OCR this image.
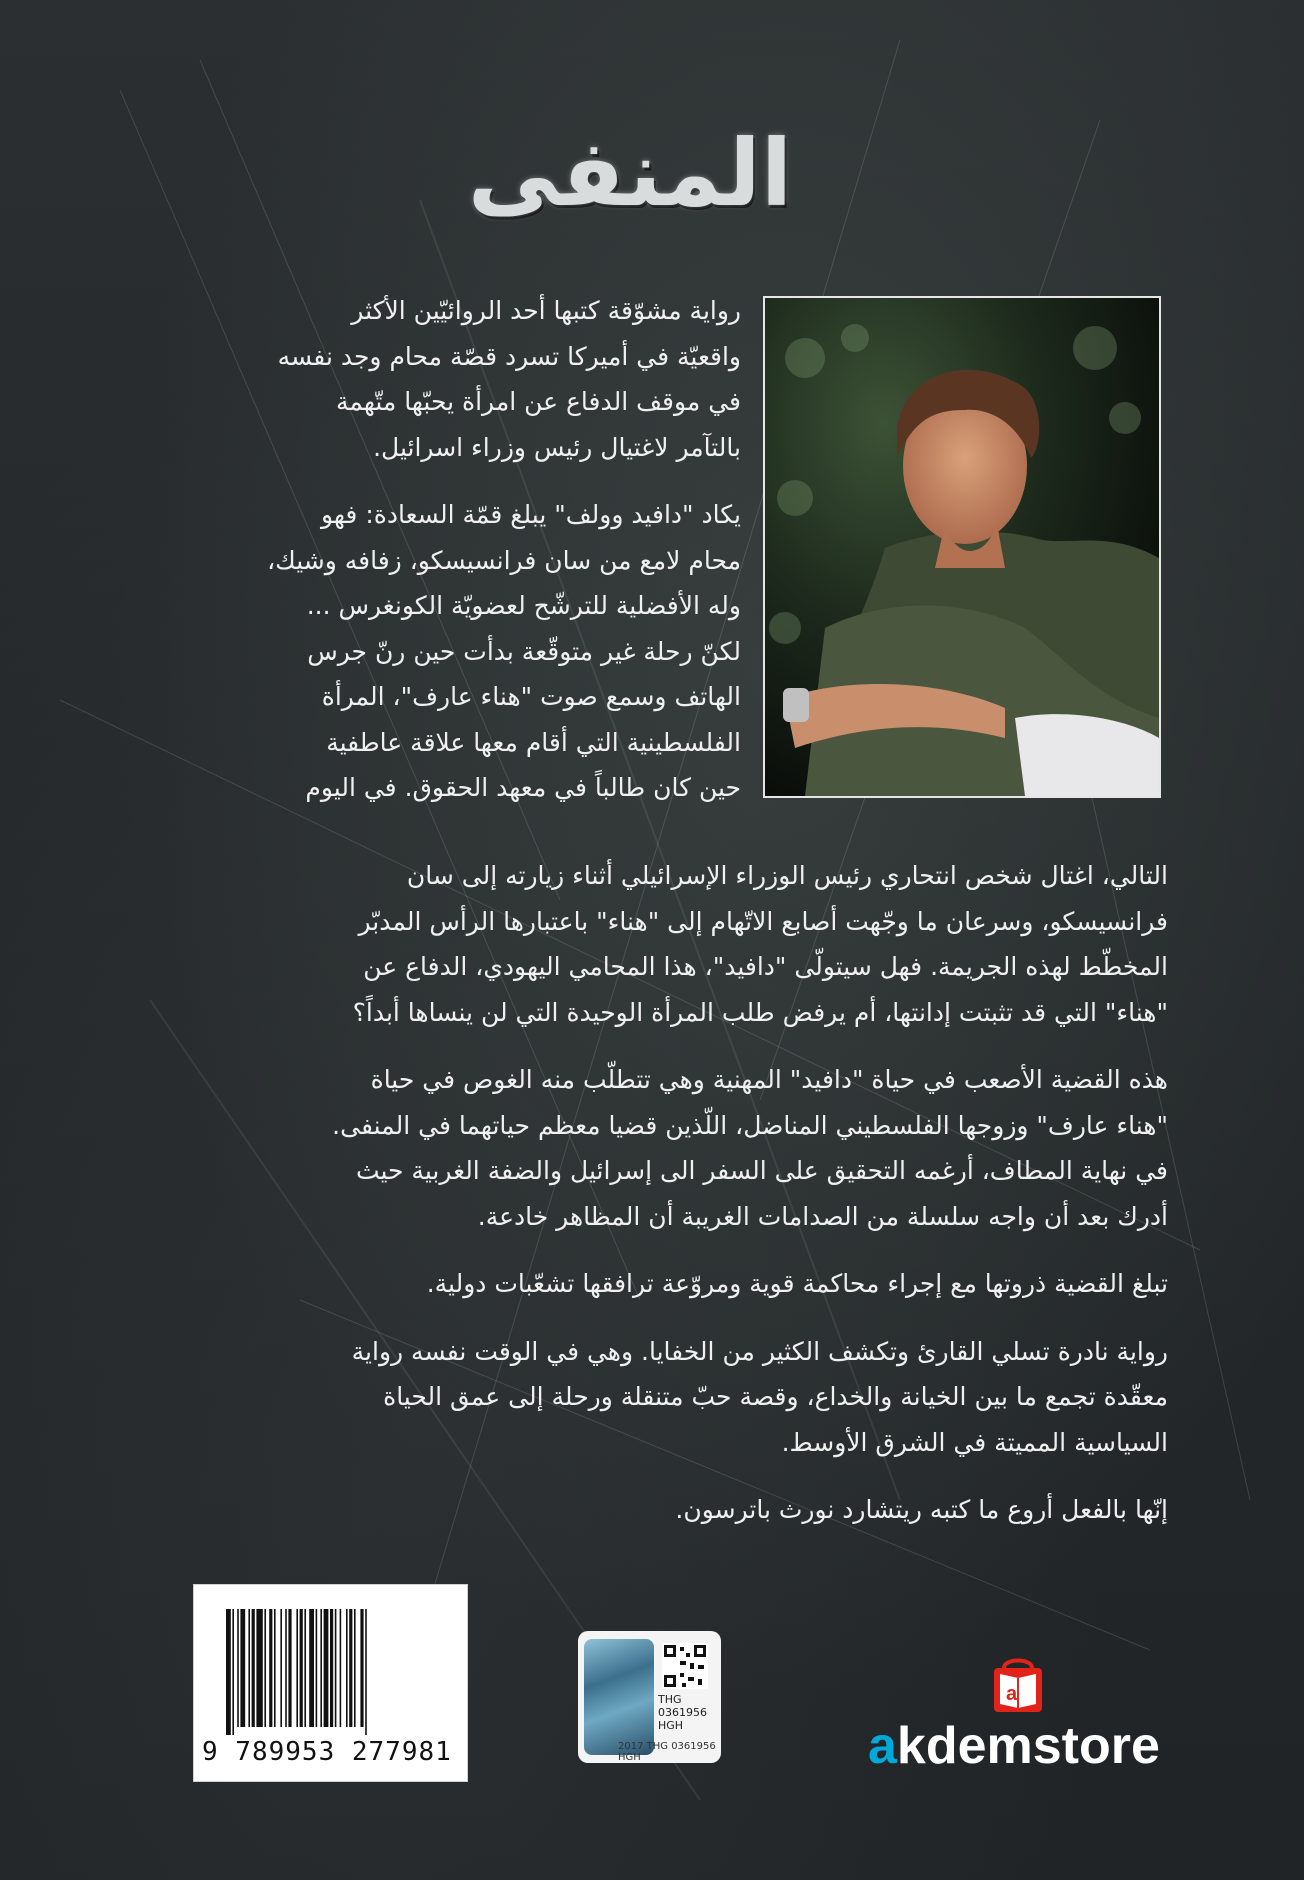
المنفى
رواية مشوّقة كتبها أحد الروائيّين الأكثر
واقعيّة في أميركا تسرد قصّة محام وجد نفسه
في موقف الدفاع عن امرأة يحبّها متّهمة
بالتآمر لاغتيال رئيس وزراء اسرائيل.
يكاد "دافيد وولف" يبلغ قمّة السعادة: فهو
محام لامع من سان فرانسيسكو، زفافه وشيك،
وله الأفضلية للترشّح لعضويّة الكونغرس ...
لكنّ رحلة غير متوقّعة بدأت حين رنّ جرس
الهاتف وسمع صوت "هناء عارف"، المرأة
الفلسطينية التي أقام معها علاقة عاطفية
حين كان طالباً في معهد الحقوق. في اليوم
التالي، اغتال شخص انتحاري رئيس الوزراء الإسرائيلي أثناء زيارته إلى سان
فرانسيسكو، وسرعان ما وجّهت أصابع الاتّهام إلى "هناء" باعتبارها الرأس المدبّر
المخطّط لهذه الجريمة. فهل سيتولّى "دافيد"، هذا المحامي اليهودي، الدفاع عن
"هناء" التي قد تثبتت إدانتها، أم يرفض طلب المرأة الوحيدة التي لن ينساها أبداً؟
هذه القضية الأصعب في حياة "دافيد" المهنية وهي تتطلّب منه الغوص في حياة
"هناء عارف" وزوجها الفلسطيني المناضل، اللّذين قضيا معظم حياتهما في المنفى.
في نهاية المطاف، أرغمه التحقيق على السفر الى إسرائيل والضفة الغربية حيث
أدرك بعد أن واجه سلسلة من الصدامات الغريبة أن المظاهر خادعة.
تبلغ القضية ذروتها مع إجراء محاكمة قوية ومروّعة ترافقها تشعّبات دولية.
رواية نادرة تسلي القارئ وتكشف الكثير من الخفايا. وهي في الوقت نفسه رواية
معقّدة تجمع ما بين الخيانة والخداع، وقصة حبّ متنقلة ورحلة إلى عمق الحياة
السياسية المميتة في الشرق الأوسط.
إنّها بالفعل أروع ما كتبه ريتشارد نورث باترسون.
9 789953 277981
THG
0361956
HGH
2017 THG 0361956 HGH
a
akdemstore
